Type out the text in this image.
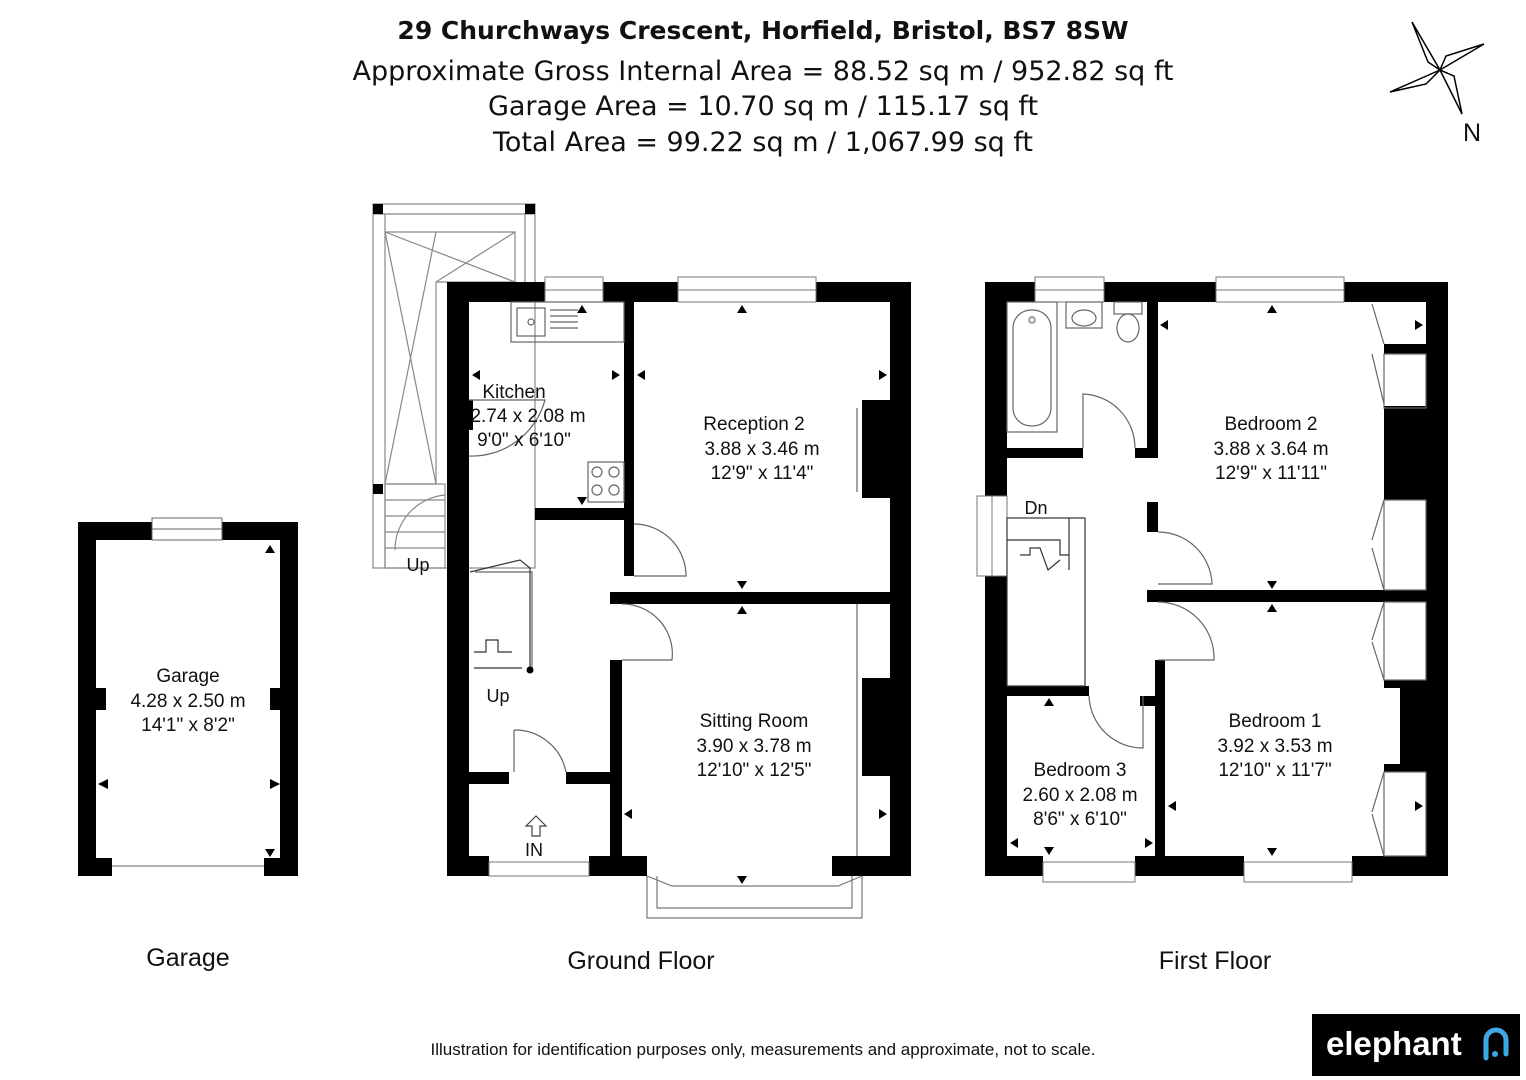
29 Churchways Crescent, Horfield, Bristol, BS7 8SW
Approximate Gross Internal Area = 88.52 sq m / 952.82 sq ft
Garage Area = 10.70 sq m / 115.17 sq ft
Total Area = 99.22 sq m / 1,067.99 sq ft	N
Garage
4.28 x 2.50 m
14'1" x 8'2"
Garage
Up
Up
IN
Kitchen
2.74 x 2.08 m
9'0" x 6'10"
Reception 2
3.88 x 3.46 m
12'9" x 11'4"
Sitting Room
3.90 x 3.78 m
12'10" x 12'5"
Ground Floor
Dn
Bedroom 2
3.88 x 3.64 m
12'9" x 11'11"
Bedroom 1
3.92 x 3.53 m
12'10" x 11'7"
Bedroom 3
2.60 x 2.08 m
8'6" x 6'10"
First Floor
Illustration for identification purposes only, measurements and approximate, not to scale.	elephant
